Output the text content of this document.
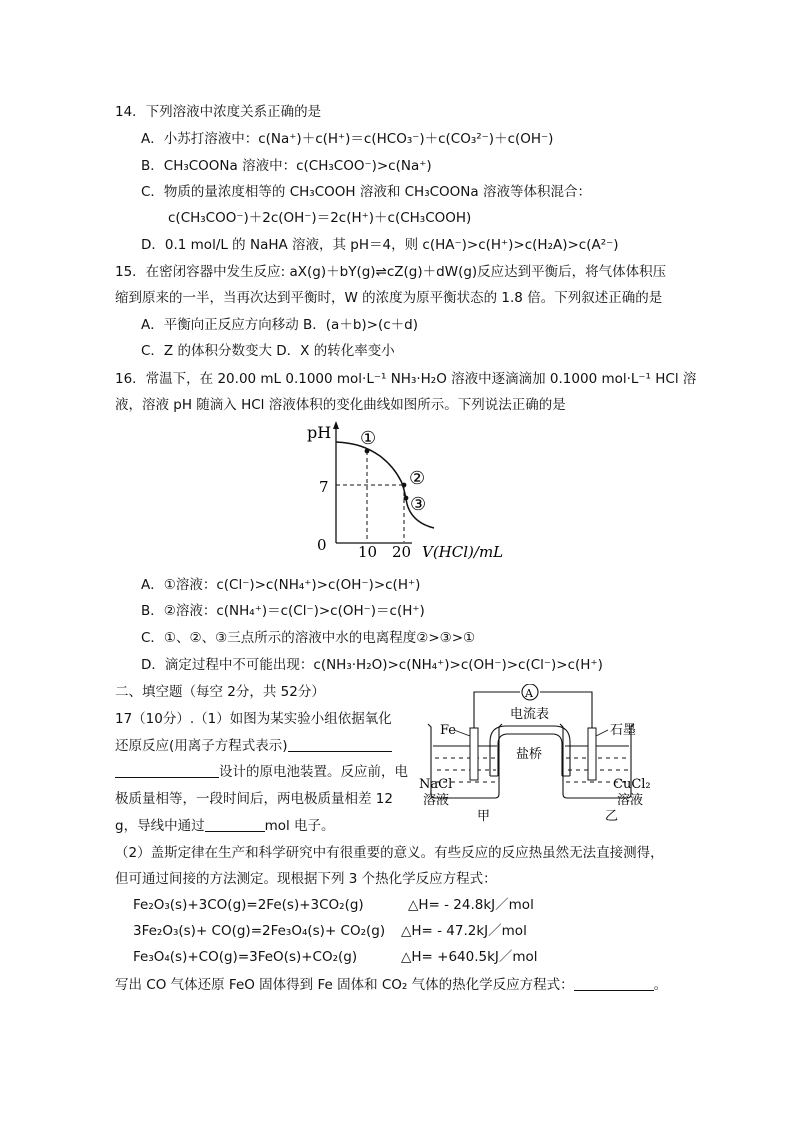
14．下列溶液中浓度关系正确的是
A．小苏打溶液中：c(Na⁺)＋c(H⁺)＝c(HCO₃⁻)＋c(CO₃²⁻)＋c(OH⁻)
B．CH₃COONa 溶液中：c(CH₃COO⁻)>c(Na⁺)
C．物质的量浓度相等的 CH₃COOH 溶液和 CH₃COONa 溶液等体积混合：
c(CH₃COO⁻)＋2c(OH⁻)＝2c(H⁺)＋c(CH₃COOH)
D．0.1 mol/L 的 NaHA 溶液，其 pH＝4，则 c(HA⁻)>c(H⁺)>c(H₂A)>c(A²⁻)
15．在密闭容器中发生反应: aX(g)＋bY(g)⇌cZ(g)＋dW(g)反应达到平衡后，将气体体积压
缩到原来的一半，当再次达到平衡时，W 的浓度为原平衡状态的 1.8 倍。下列叙述正确的是
A．平衡向正反应方向移动 B．(a＋b)>(c＋d)
C．Z 的体积分数变大 D．X 的转化率变小
16．常温下，在 20.00 mL 0.1000 mol·L⁻¹ NH₃·H₂O 溶液中逐滴滴加 0.1000 mol·L⁻¹ HCl 溶
液，溶液 pH 随滴入 HCl 溶液体积的变化曲线如图所示。下列说法正确的是
pH
0
7
10 20 V(HCl)/mL
①
②
③
A．①溶液：c(Cl⁻)>c(NH₄⁺)>c(OH⁻)>c(H⁺)
B．②溶液：c(NH₄⁺)＝c(Cl⁻)>c(OH⁻)＝c(H⁺)
C．①、②、③三点所示的溶液中水的电离程度②>③>①
D．滴定过程中不可能出现：c(NH₃·H₂O)>c(NH₄⁺)>c(OH⁻)>c(Cl⁻)>c(H⁺)
二、填空题（每空 2分，共 52分）
17（10分）.（1）如图为某实验小组依据氧化
还原反应(用离子方程式表示)
设计的原电池装置。反应前，电
极质量相等，一段时间后，两电极质量相差 12
g，导线中通过	mol 电子。
A
电流表
盐桥
Fe	石墨
NaCl
溶液
CuCl₂
溶液
甲	乙
（2）盖斯定律在生产和科学研究中有很重要的意义。有些反应的反应热虽然无法直接测得，
但可通过间接的方法测定。现根据下列 3 个热化学反应方程式：
Fe₂O₃(s)+3CO(g)=2Fe(s)+3CO₂(g)	△H= - 24.8kJ／mol
3Fe₂O₃(s)+ CO(g)=2Fe₃O₄(s)+ CO₂(g) △H= - 47.2kJ／mol
Fe₃O₄(s)+CO(g)=3FeO(s)+CO₂(g)	△H= +640.5kJ／mol
写出 CO 气体还原 FeO 固体得到 Fe 固体和 CO₂ 气体的热化学反应方程式：	。
